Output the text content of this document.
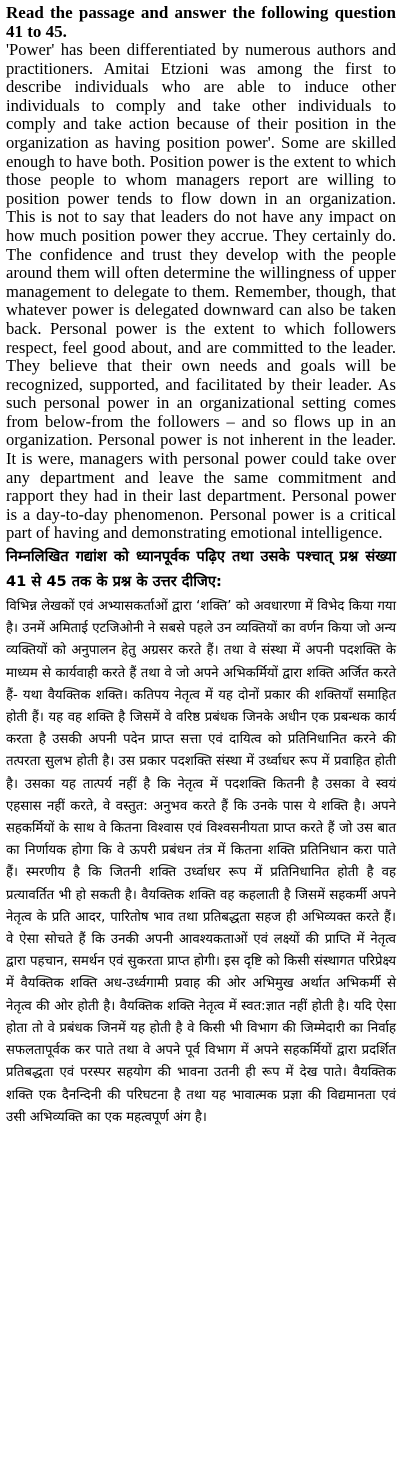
Read the passage and answer the following question 41 to 45.

'Power' has been differentiated by numerous authors and practitioners. Amitai Etzioni was among the first to describe individuals who are able to induce other individuals to comply and take other individuals to comply and take action because of their position in the organization as having position power'. Some are skilled enough to have both. Position power is the extent to which those people to whom managers report are willing to position power tends to flow down in an organization. This is not to say that leaders do not have any impact on how much position power they accrue. They certainly do. The confidence and trust they develop with the people around them will often determine the willingness of upper management to delegate to them. Remember, though, that whatever power is delegated downward can also be taken back. Personal power is the extent to which followers respect, feel good about, and are committed to the leader. They believe that their own needs and goals will be recognized, supported, and facilitated by their leader. As such personal power in an organizational setting comes from below-from the followers – and so flows up in an organization. Personal power is not inherent in the leader. It is were, managers with personal power could take over any department and leave the same commitment and rapport they had in their last department. Personal power is a day-to-day phenomenon. Personal power is a critical part of having and demonstrating emotional intelligence.

निम्नलिखित गद्यांश को ध्यानपूर्वक पढ़िए तथा उसके पश्चात् प्रश्न संख्या 41 से 45 तक के प्रश्न के उत्तर दीजिए:

विभिन्न लेखकों एवं अभ्यासकर्ताओं द्वारा ‘शक्ति’ को अवधारणा में विभेद किया गया है। उनमें अमिताई एटजिओनी ने सबसे पहले उन व्यक्तियों का वर्णन किया जो अन्य व्यक्तियों को अनुपालन हेतु अग्रसर करते हैं। तथा वे संस्था में अपनी पदशक्ति के माध्यम से कार्यवाही करते हैं तथा वे जो अपने अभिकर्मियों द्वारा शक्ति अर्जित करते हैं- यथा वैयक्तिक शक्ति। कतिपय नेतृत्व में यह दोनों प्रकार की शक्तियाँ समाहित होती हैं। यह वह शक्ति है जिसमें वे वरिष्ठ प्रबंधक जिनके अधीन एक प्रबन्धक कार्य करता है उसकी अपनी पदेन प्राप्त सत्ता एवं दायित्व को प्रतिनिधानित करने की तत्परता सुलभ होती है। उस प्रकार पदशक्ति संस्था में उर्ध्वाधर रूप में प्रवाहित होती है। उसका यह तात्पर्य नहीं है कि नेतृत्व में पदशक्ति कितनी है उसका वे स्वयं एहसास नहीं करते, वे वस्तुत: अनुभव करते हैं कि उनके पास ये शक्ति है। अपने सहकर्मियों के साथ वे कितना विश्वास एवं विश्वसनीयता प्राप्त करते हैं जो उस बात का निर्णायक होगा कि वे ऊपरी प्रबंधन तंत्र में कितना शक्ति प्रतिनिधान करा पाते हैं। स्मरणीय है कि जितनी शक्ति उर्ध्वाधर रूप में प्रतिनिधानित होती है वह प्रत्यावर्तित भी हो सकती है। वैयक्तिक शक्ति वह कहलाती है जिसमें सहकर्मी अपने नेतृत्व के प्रति आदर, पारितोष भाव तथा प्रतिबद्धता सहज ही अभिव्यक्त करते हैं। वे ऐसा सोचते हैं कि उनकी अपनी आवश्यकताओं एवं लक्ष्यों की प्राप्ति में नेतृत्व द्वारा पहचान, समर्थन एवं सुकरता प्राप्त होगी। इस दृष्टि को किसी संस्थागत परिप्रेक्ष्य में वैयक्तिक शक्ति अध-उर्ध्वगामी प्रवाह की ओर अभिमुख अर्थात अभिकर्मी से नेतृत्व की ओर होती है। वैयक्तिक शक्ति नेतृत्व में स्वत:ज्ञात नहीं होती है। यदि ऐसा होता तो वे प्रबंधक जिनमें यह होती है वे किसी भी विभाग की जिम्मेदारी का निर्वाह सफलतापूर्वक कर पाते तथा वे अपने पूर्व विभाग में अपने सहकर्मियों द्वारा प्रदर्शित प्रतिबद्धता एवं परस्पर सहयोग की भावना उतनी ही रूप में देख पाते। वैयक्तिक शक्ति एक दैनन्दिनी की परिघटना है तथा यह भावात्मक प्रज्ञा की विद्यमानता एवं उसी अभिव्यक्ति का एक महत्वपूर्ण अंग है।
